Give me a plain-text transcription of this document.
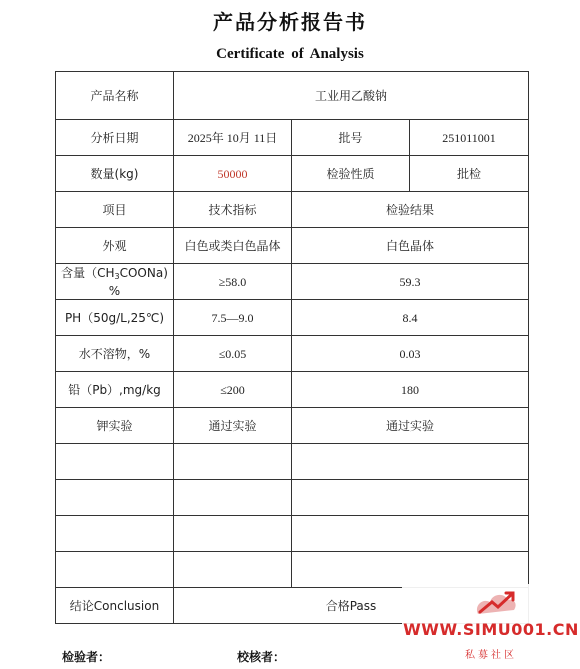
产品分析报告书
Certificate of Analysis
产品名称	工业用乙酸钠		
分析日期	2025年 10月 11日	批号	251011001
数量(kg)	50000	检验性质	批检
项目	技术指标	检验结果	
外观	白色或类白色晶体	白色晶体	
含量$(CH_3COONa)$
%	≥58.0	59.3	
PH（50g/L,25℃)	7.5—9.0	8.4	
水不溶物，%	≤0.05	0.03	
铅（Pb）,mg/kg	≤200	180	
钾实验	通过实验	通过实验	

结论Conclusion	合格Pass		
检验者：	校核者：
WWW.SIMU001.CN
私募社区
